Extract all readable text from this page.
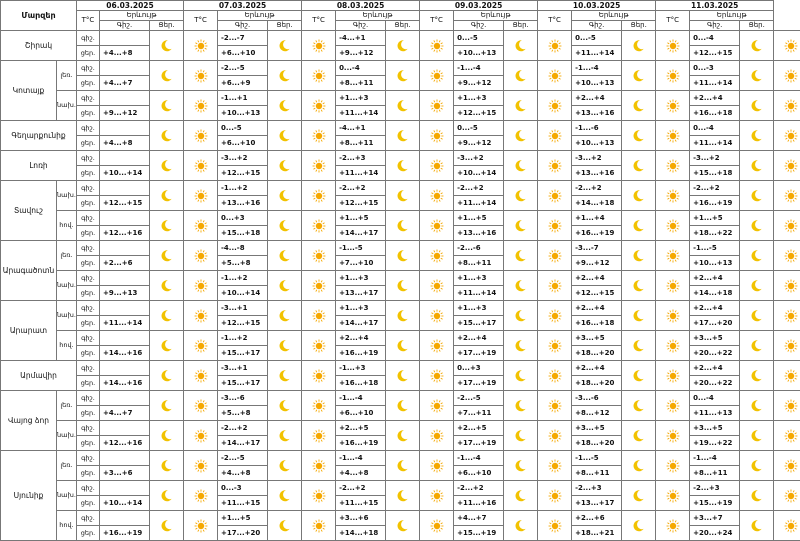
Մարզեր		06.03.2025			07.03.2025			08.03.2025			09.03.2025			10.03.2025			11.03.2025			
		T°C	Երևույթ		T°C	Երևույթ		T°C	Երևույթ		T°C	Երևույթ		T°C	Երևույթ		T°C	Երևույթ		
			Գիշ.	Ցեր.		Գիշ.	Ցեր.		Գիշ.	Ցեր.		Գիշ.	Ցեր.		Գիշ.	Ցեր.		Գիշ.	Ցեր.	
Շիրակ		գիշ.				-2...-7			-4...+1			0...-5			0...-5			0...-4		
		ցեր.	+4...+8			+6...+10			+9...+12			+10...+13			+11...+14			+12...+15		
Կոտայք	լեռ.	գիշ.				-2...-5			0...-4			-1...-4			-1...-4			0...-3		
		ցեր.	+4...+7			+6...+9			+8...+11			+9...+12			+10...+13			+11...+14		
	նախ.	գիշ.				-1...+1			+1...+3			+1...+3			+2...+4			+2...+4		
		ցեր.	+9...+12			+10...+13			+11...+14			+12...+15			+13...+16			+16...+18		
Գեղարքունիք		գիշ.				0...-5			-4...+1			0...-5			-1...-6			0...-4		
		ցեր.	+4...+8			+6...+10			+8...+11			+9...+12			+10...+13			+11...+14		
Լոռի		գիշ.				-3...+2			-2...+3			-3...+2			-3...+2			-3...+2		
		ցեր.	+10...+14			+12...+15			+11...+14			+10...+14			+13...+16			+15...+18		
Տավուշ	նախ.	գիշ.				-1...+2			-2...+2			-2...+2			-2...+2			-2...+2		
		ցեր.	+12...+15			+13...+16			+12...+15			+11...+14			+14...+18			+16...+19		
	հով.	գիշ.				0...+3			+1...+5			+1...+5			+1...+4			+1...+5		
		ցեր.	+12...+16			+15...+18			+14...+17			+13...+16			+16...+19			+18...+22		
Արագածոտն	լեռ.	գիշ.				-4...-8			-1...-5			-2...-6			-3...-7			-1...-5		
		ցեր.	+2...+6			+5...+8			+7...+10			+8...+11			+9...+12			+10...+13		
	նախ.	գիշ.				-1...+2			+1...+3			+1...+3			+2...+4			+2...+4		
		ցեր.	+9...+13			+10...+14			+13...+17			+11...+14			+12...+15			+14...+18		
Արարատ	նախ.	գիշ.				-3...+1			+1...+3			+1...+3			+2...+4			+2...+4		
		ցեր.	+11...+14			+12...+15			+14...+17			+15...+17			+16...+18			+17...+20		
	հով.	գիշ.				-1...+2			+2...+4			+2...+4			+3...+5			+3...+5		
		ցեր.	+14...+16			+15...+17			+16...+19			+17...+19			+18...+20			+20...+22		
Արմավիր		գիշ.				-3...+1			-1...+3			0...+3			+2...+4			+2...+4		
		ցեր.	+14...+16			+15...+17			+16...+18			+17...+19			+18...+20			+20...+22		
Վայոց ձոր	լեռ.	գիշ.				-3...-6			-1...-4			-2...-5			-3...-6			0...-4		
		ցեր.	+4...+7			+5...+8			+6...+10			+7...+11			+8...+12			+11...+13		
	նախ.	գիշ.				-2...+2			+2...+5			+2...+5			+3...+5			+3...+5		
		ցեր.	+12...+16			+14...+17			+16...+19			+17...+19			+18...+20			+19...+22		
Սյունիք	լեռ.	գիշ.				-2...-5			-1...-4			-1...-4			-1...-5			-1...-4		
		ցեր.	+3...+6			+4...+8			+4...+8			+6...+10			+8...+11			+8...+11		
	նախ.	գիշ.				0...-3			-2...+2			-2...+2			-2...+3			-2...+3		
		ցեր.	+10...+14			+11...+15			+11...+15			+11...+16			+13...+17			+15...+19		
	հով.	գիշ.				+1...+5			+3...+6			+4...+7			+2...+6			+3...+7		
		ցեր.	+16...+19			+17...+20			+14...+18			+15...+19			+18...+21			+20...+24		
